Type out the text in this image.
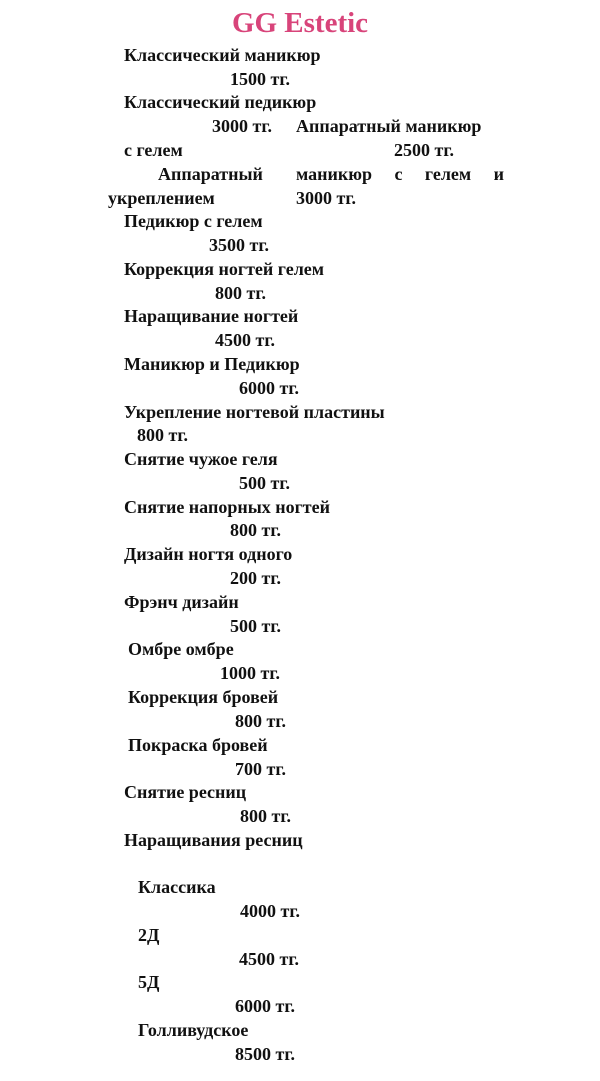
GG Estetic
Классический маникюр
1500 тг.
Классический педикюр
3000 тг. Аппаратный маникюр
с гелем	2500 тг.
Аппаратный маникюр с гелем и
укреплением	3000 тг.
Педикюр с гелем
3500 тг.
Коррекция ногтей гелем
800 тг.
Наращивание ногтей
4500 тг.
Маникюр и Педикюр
6000 тг.
Укрепление ногтевой пластины
800 тг.
Снятие чужое геля
500 тг.
Снятие напорных ногтей
800 тг.
Дизайн ногтя одного
200 тг.
Фрэнч дизайн
500 тг.
Омбре омбре
1000 тг.
Коррекция бровей
800 тг.
Покраска бровей
700 тг.
Снятие ресниц
800 тг.
Наращивания ресниц
Классика
4000 тг.
2Д
4500 тг.
5Д
6000 тг.
Голливудское
8500 тг.
